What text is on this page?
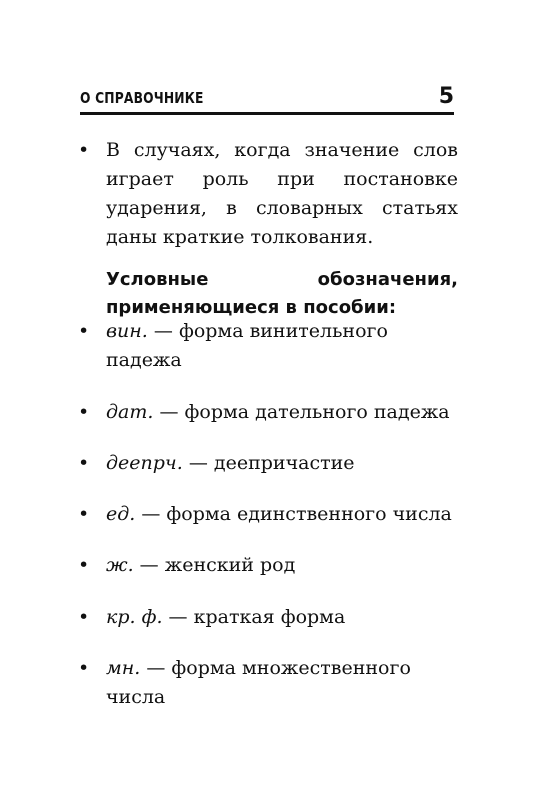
О СПРАВОЧНИКЕ	5
• В случаях, когда значение слов играет роль при постановке ударения, в словарных статьях даны краткие толкования.
Условные обозначения, применяющиеся в пособии:
• вин. — форма винительного
падежа
• дат. — форма дательного падежа
• деепрч. — деепричастие
• ед. — форма единственного числа
• ж. — женский род
• кр. ф. — краткая форма
• мн. — форма множественного
числа
